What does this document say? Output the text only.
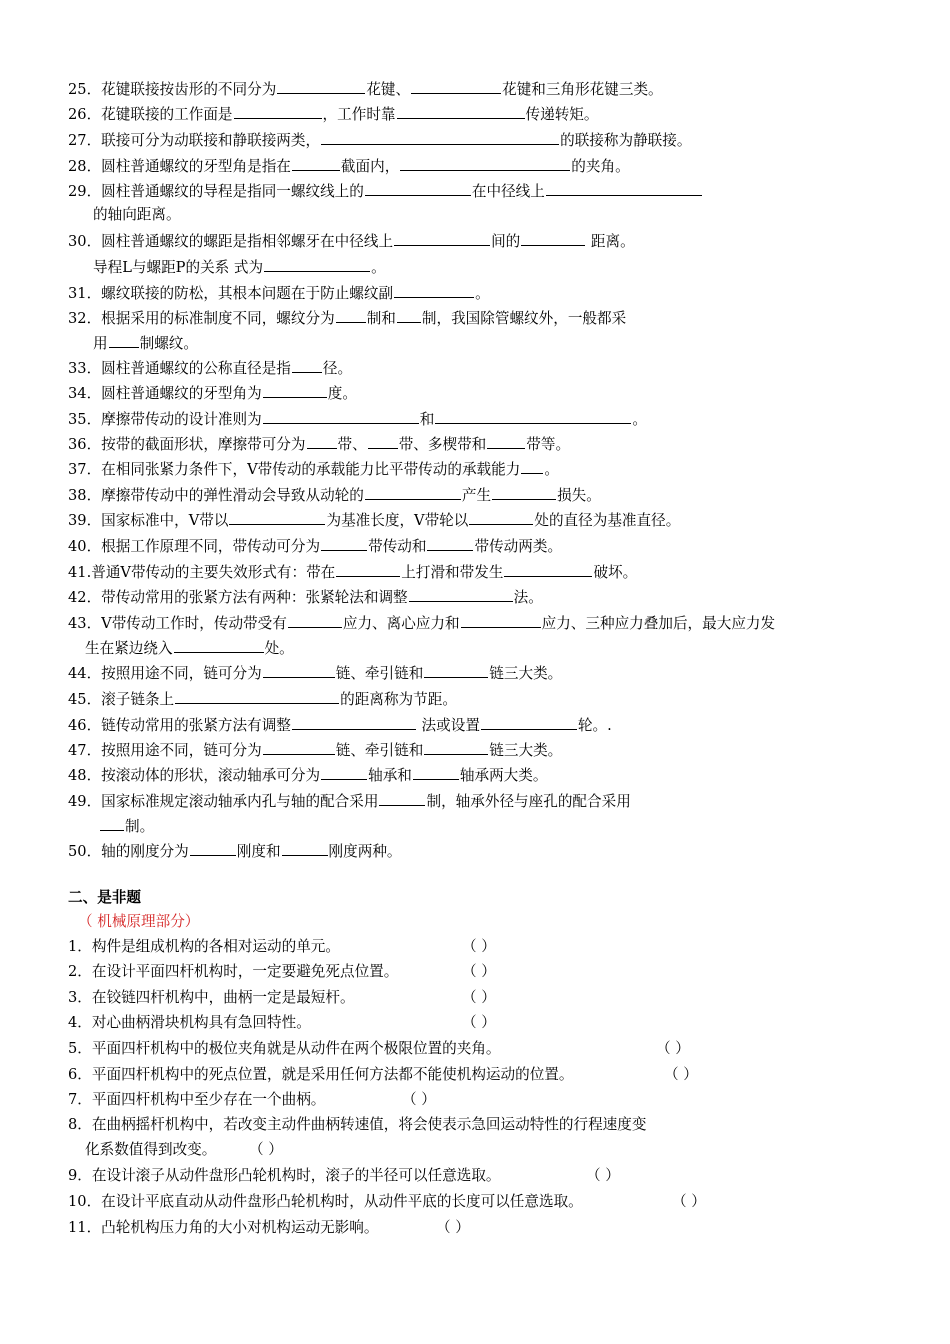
25．花键联接按齿形的不同分为	花键、	花键和三角形花键三类。
26．花键联接的工作面是	，工作时靠	传递转矩。
27．联接可分为动联接和静联接两类，	的联接称为静联接。
28．圆柱普通螺纹的牙型角是指在	截面内，	的夹角。
29．圆柱普通螺纹的导程是指同一螺纹线上的	在中径线上
的轴向距离。
30．圆柱普通螺纹的螺距是指相邻螺牙在中径线上	间的	距离。
导程L与螺距P的关系 式为	。
31．螺纹联接的防松，其根本问题在于防止螺纹副	。
32．根据采用的标准制度不同，螺纹分为 制和 制，我国除管螺纹外，一般都采
用 制螺纹。
33．圆柱普通螺纹的公称直径是指 径。
34．圆柱普通螺纹的牙型角为	度。
35．摩擦带传动的设计准则为	和	。
36．按带的截面形状，摩擦带可分为 带、 带、多楔带和	带等。
37．在相同张紧力条件下，V带传动的承载能力比平带传动的承载能力 。
38．摩擦带传动中的弹性滑动会导致从动轮的	产生	损失。
39．国家标准中，V带以	为基准长度，V带轮以	处的直径为基准直径。
40．根据工作原理不同，带传动可分为	带传动和	带传动两类。
41.普通V带传动的主要失效形式有：带在	上打滑和带发生	破坏。
42．带传动常用的张紧方法有两种：张紧轮法和调整	法。
43．V带传动工作时，传动带受有	应力、离心应力和	应力、三种应力叠加后，最大应力发
生在紧边绕入	处。
44．按照用途不同，链可分为	链、牵引链和	链三大类。
45．滚子链条上	的距离称为节距。
46．链传动常用的张紧方法有调整	法或设置	轮。.
47．按照用途不同，链可分为	链、牵引链和	链三大类。
48．按滚动体的形状，滚动轴承可分为	轴承和	轴承两大类。
49．国家标准规定滚动轴承内孔与轴的配合采用	制，轴承外径与座孔的配合采用
制。
50．轴的刚度分为	刚度和	刚度两种。
二、是非题
（ 机械原理部分）
1．构件是组成机构的各相对运动的单元。	（ ）
2．在设计平面四杆机构时，一定要避免死点位置。	（ ）
3．在铰链四杆机构中，曲柄一定是最短杆。	（ ）
4．对心曲柄滑块机构具有急回特性。	（ ）
5．平面四杆机构中的极位夹角就是从动件在两个极限位置的夹角。	（ ）
6．平面四杆机构中的死点位置，就是采用任何方法都不能使机构运动的位置。	（ ）
7．平面四杆机构中至少存在一个曲柄。	（ ）
8．在曲柄摇杆机构中，若改变主动件曲柄转速值，将会使表示急回运动特性的行程速度变
化系数值得到改变。 （ ）
9．在设计滚子从动件盘形凸轮机构时，滚子的半径可以任意选取。	（ ）
10．在设计平底直动从动件盘形凸轮机构时，从动件平底的长度可以任意选取。	（ ）
11．凸轮机构压力角的大小对机构运动无影响。	（ ）
